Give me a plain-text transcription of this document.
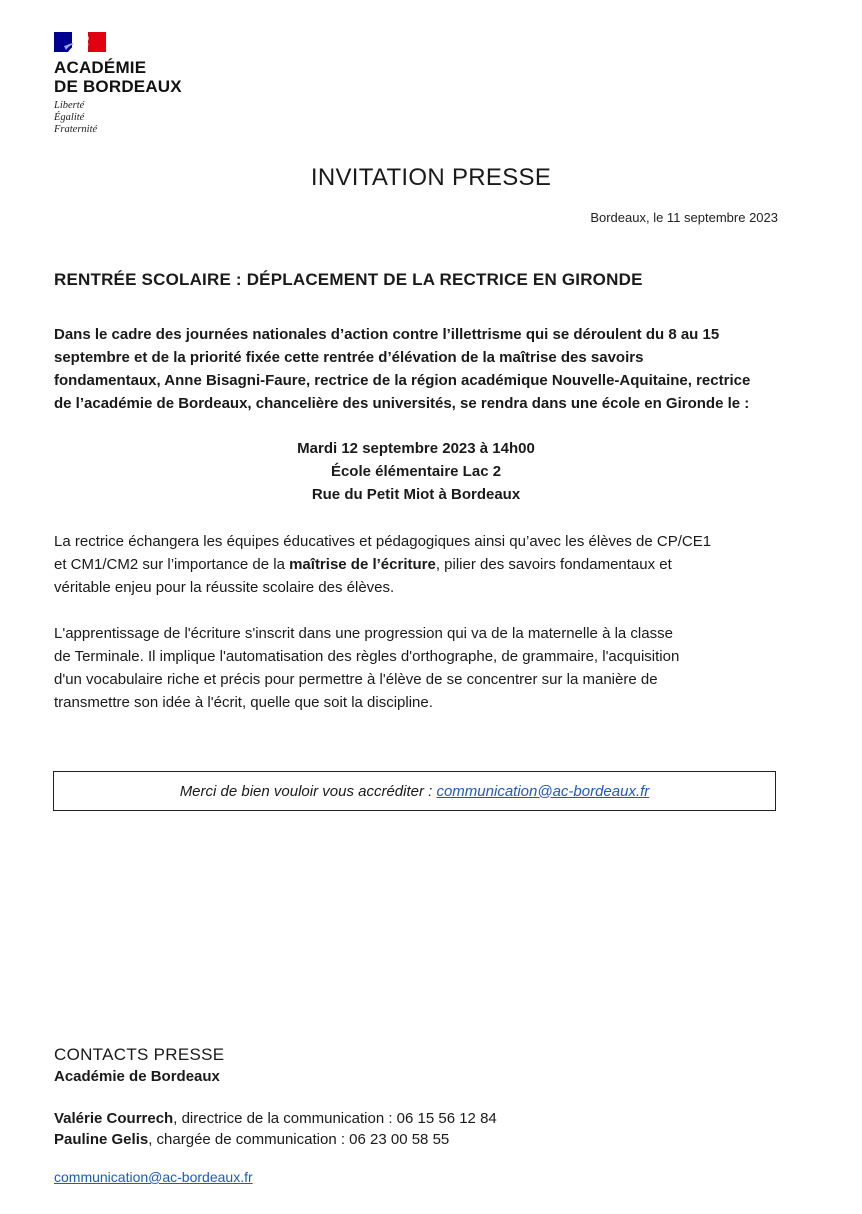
ACADÉMIE
DE BORDEAUX
Liberté
Égalité
Fraternité
INVITATION PRESSE
Bordeaux, le 11 septembre 2023
RENTRÉE SCOLAIRE : DÉPLACEMENT DE LA RECTRICE EN GIRONDE
Dans le cadre des journées nationales d’action contre l’illettrisme qui se déroulent du 8 au 15
septembre et de la priorité fixée cette rentrée d’élévation de la maîtrise des savoirs
fondamentaux, Anne Bisagni-Faure, rectrice de la région académique Nouvelle-Aquitaine, rectrice
de l’académie de Bordeaux, chancelière des universités, se rendra dans une école en Gironde le :
Mardi 12 septembre 2023 à 14h00
École élémentaire Lac 2
Rue du Petit Miot à Bordeaux
La rectrice échangera les équipes éducatives et pédagogiques ainsi qu’avec les élèves de CP/CE1
et CM1/CM2 sur l’importance de la maîtrise de l’écriture, pilier des savoirs fondamentaux et
véritable enjeu pour la réussite scolaire des élèves.
L'apprentissage de l'écriture s'inscrit dans une progression qui va de la maternelle à la classe
de Terminale. Il implique l'automatisation des règles d'orthographe, de grammaire, l'acquisition
d'un vocabulaire riche et précis pour permettre à l'élève de se concentrer sur la manière de
transmettre son idée à l'écrit, quelle que soit la discipline.
Merci de bien vouloir vous accréditer : communication@ac-bordeaux.fr
CONTACTS PRESSE
Académie de Bordeaux
Valérie Courrech, directrice de la communication : 06 15 56 12 84
Pauline Gelis, chargée de communication : 06 23 00 58 55
communication@ac-bordeaux.fr
